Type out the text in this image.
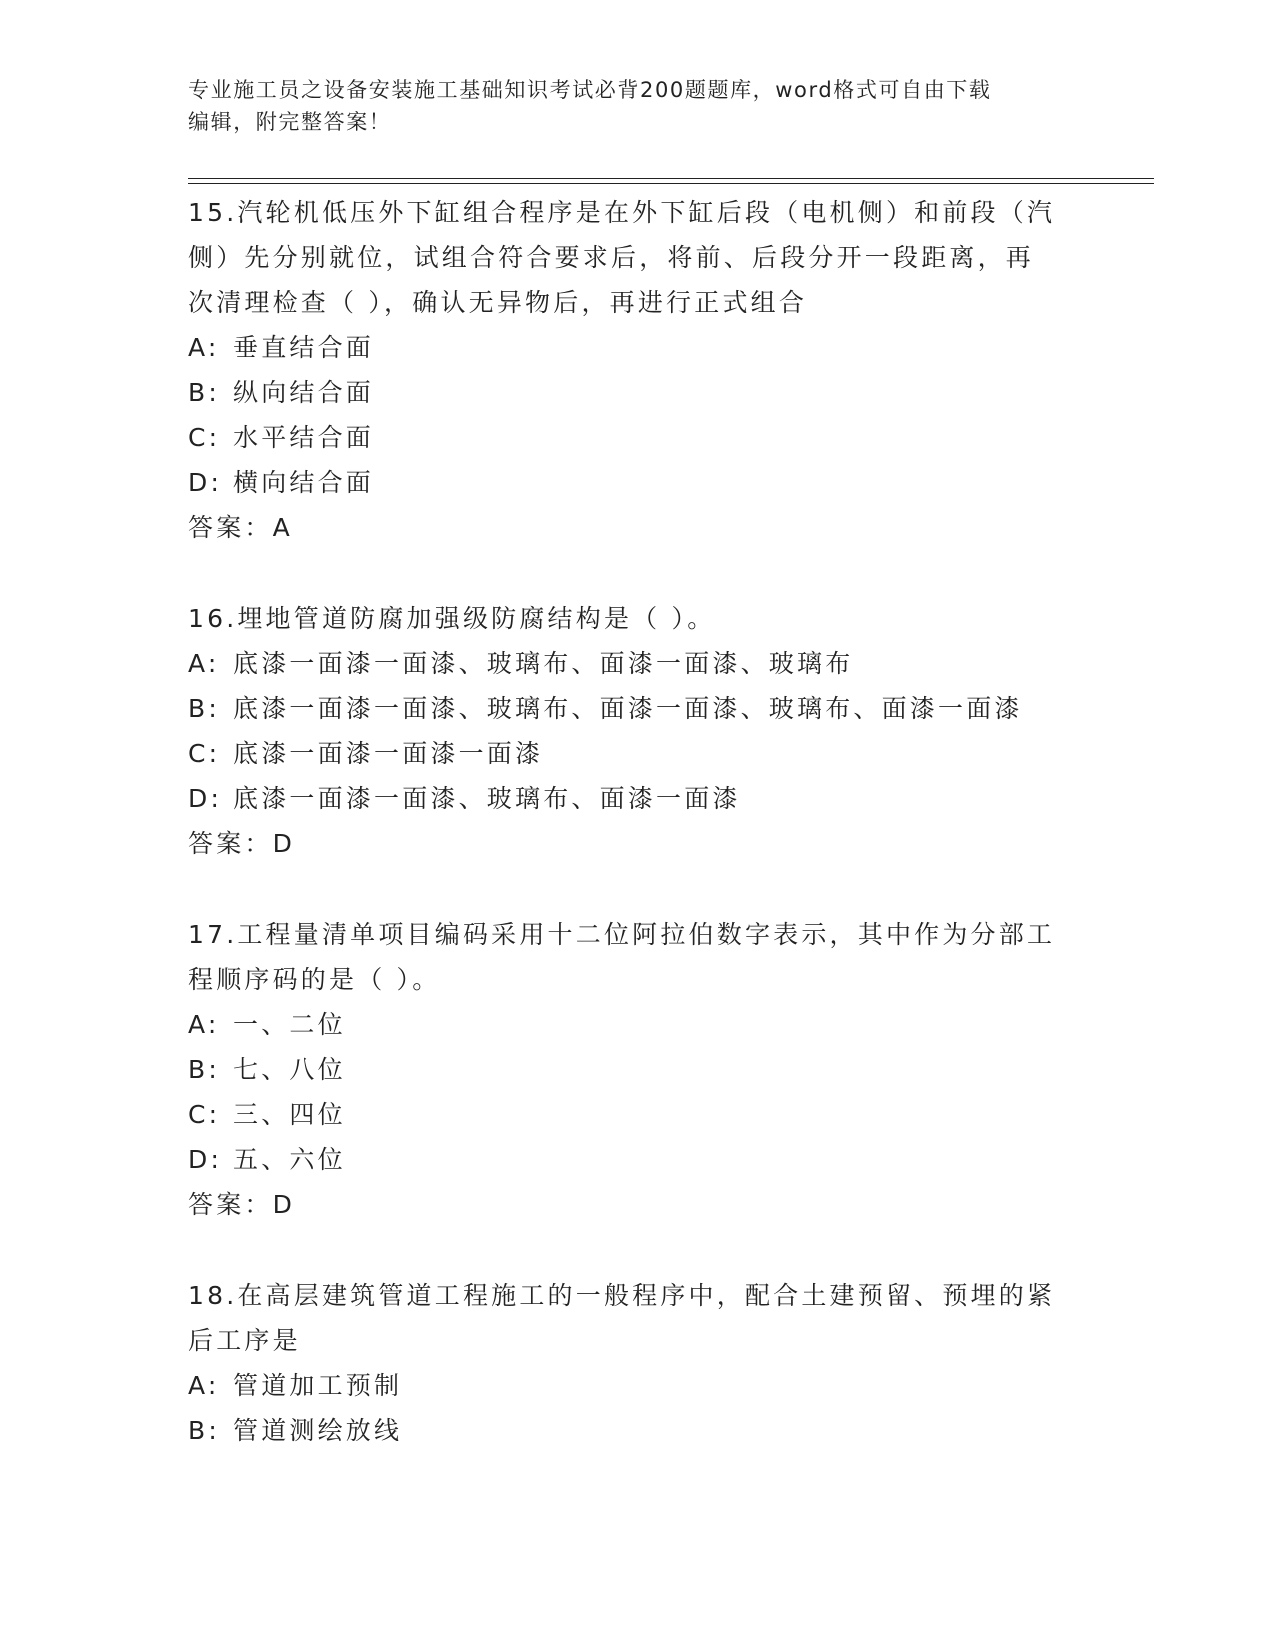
专业施工员之设备安装施工基础知识考试必背200题题库，word格式可自由下载
编辑，附完整答案！
15.汽轮机低压外下缸组合程序是在外下缸后段（电机侧）和前段（汽
侧）先分别就位，试组合符合要求后，将前、后段分开一段距离，再
次清理检查（ ），确认无异物后，再进行正式组合
A: 垂直结合面
B: 纵向结合面
C: 水平结合面
D: 横向结合面
答案：A
16.埋地管道防腐加强级防腐结构是（ ）。
A: 底漆一面漆一面漆、玻璃布、面漆一面漆、玻璃布
B: 底漆一面漆一面漆、玻璃布、面漆一面漆、玻璃布、面漆一面漆
C: 底漆一面漆一面漆一面漆
D: 底漆一面漆一面漆、玻璃布、面漆一面漆
答案：D
17.工程量清单项目编码采用十二位阿拉伯数字表示，其中作为分部工
程顺序码的是（ ）。
A: 一、二位
B: 七、八位
C: 三、四位
D: 五、六位
答案：D
18.在高层建筑管道工程施工的一般程序中，配合土建预留、预埋的紧
后工序是
A: 管道加工预制
B: 管道测绘放线
